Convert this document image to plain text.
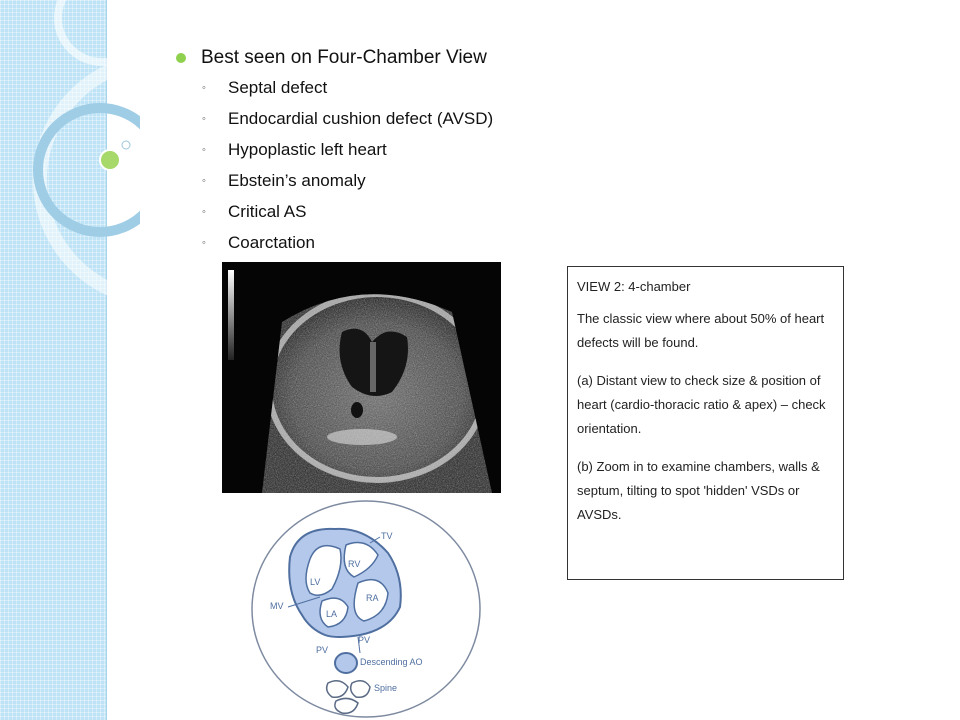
Best seen on Four-Chamber View
◦	Septal defect
◦	Endocardial cushion defect (AVSD)
◦	Hypoplastic left heart
◦	Ebstein’s anomaly
◦	Critical AS
◦	Coarctation
TV
RV
LV
RA
LA
MV
PV
PV
Descending AO
Spine

VIEW 2: 4-chamber

The classic view where about 50% of heart defects will be found.

(a) Distant view to check size & position of heart (cardio-thoracic ratio & apex) – check orientation.

(b) Zoom in to examine chambers, walls & septum, tilting to spot 'hidden' VSDs or AVSDs.
